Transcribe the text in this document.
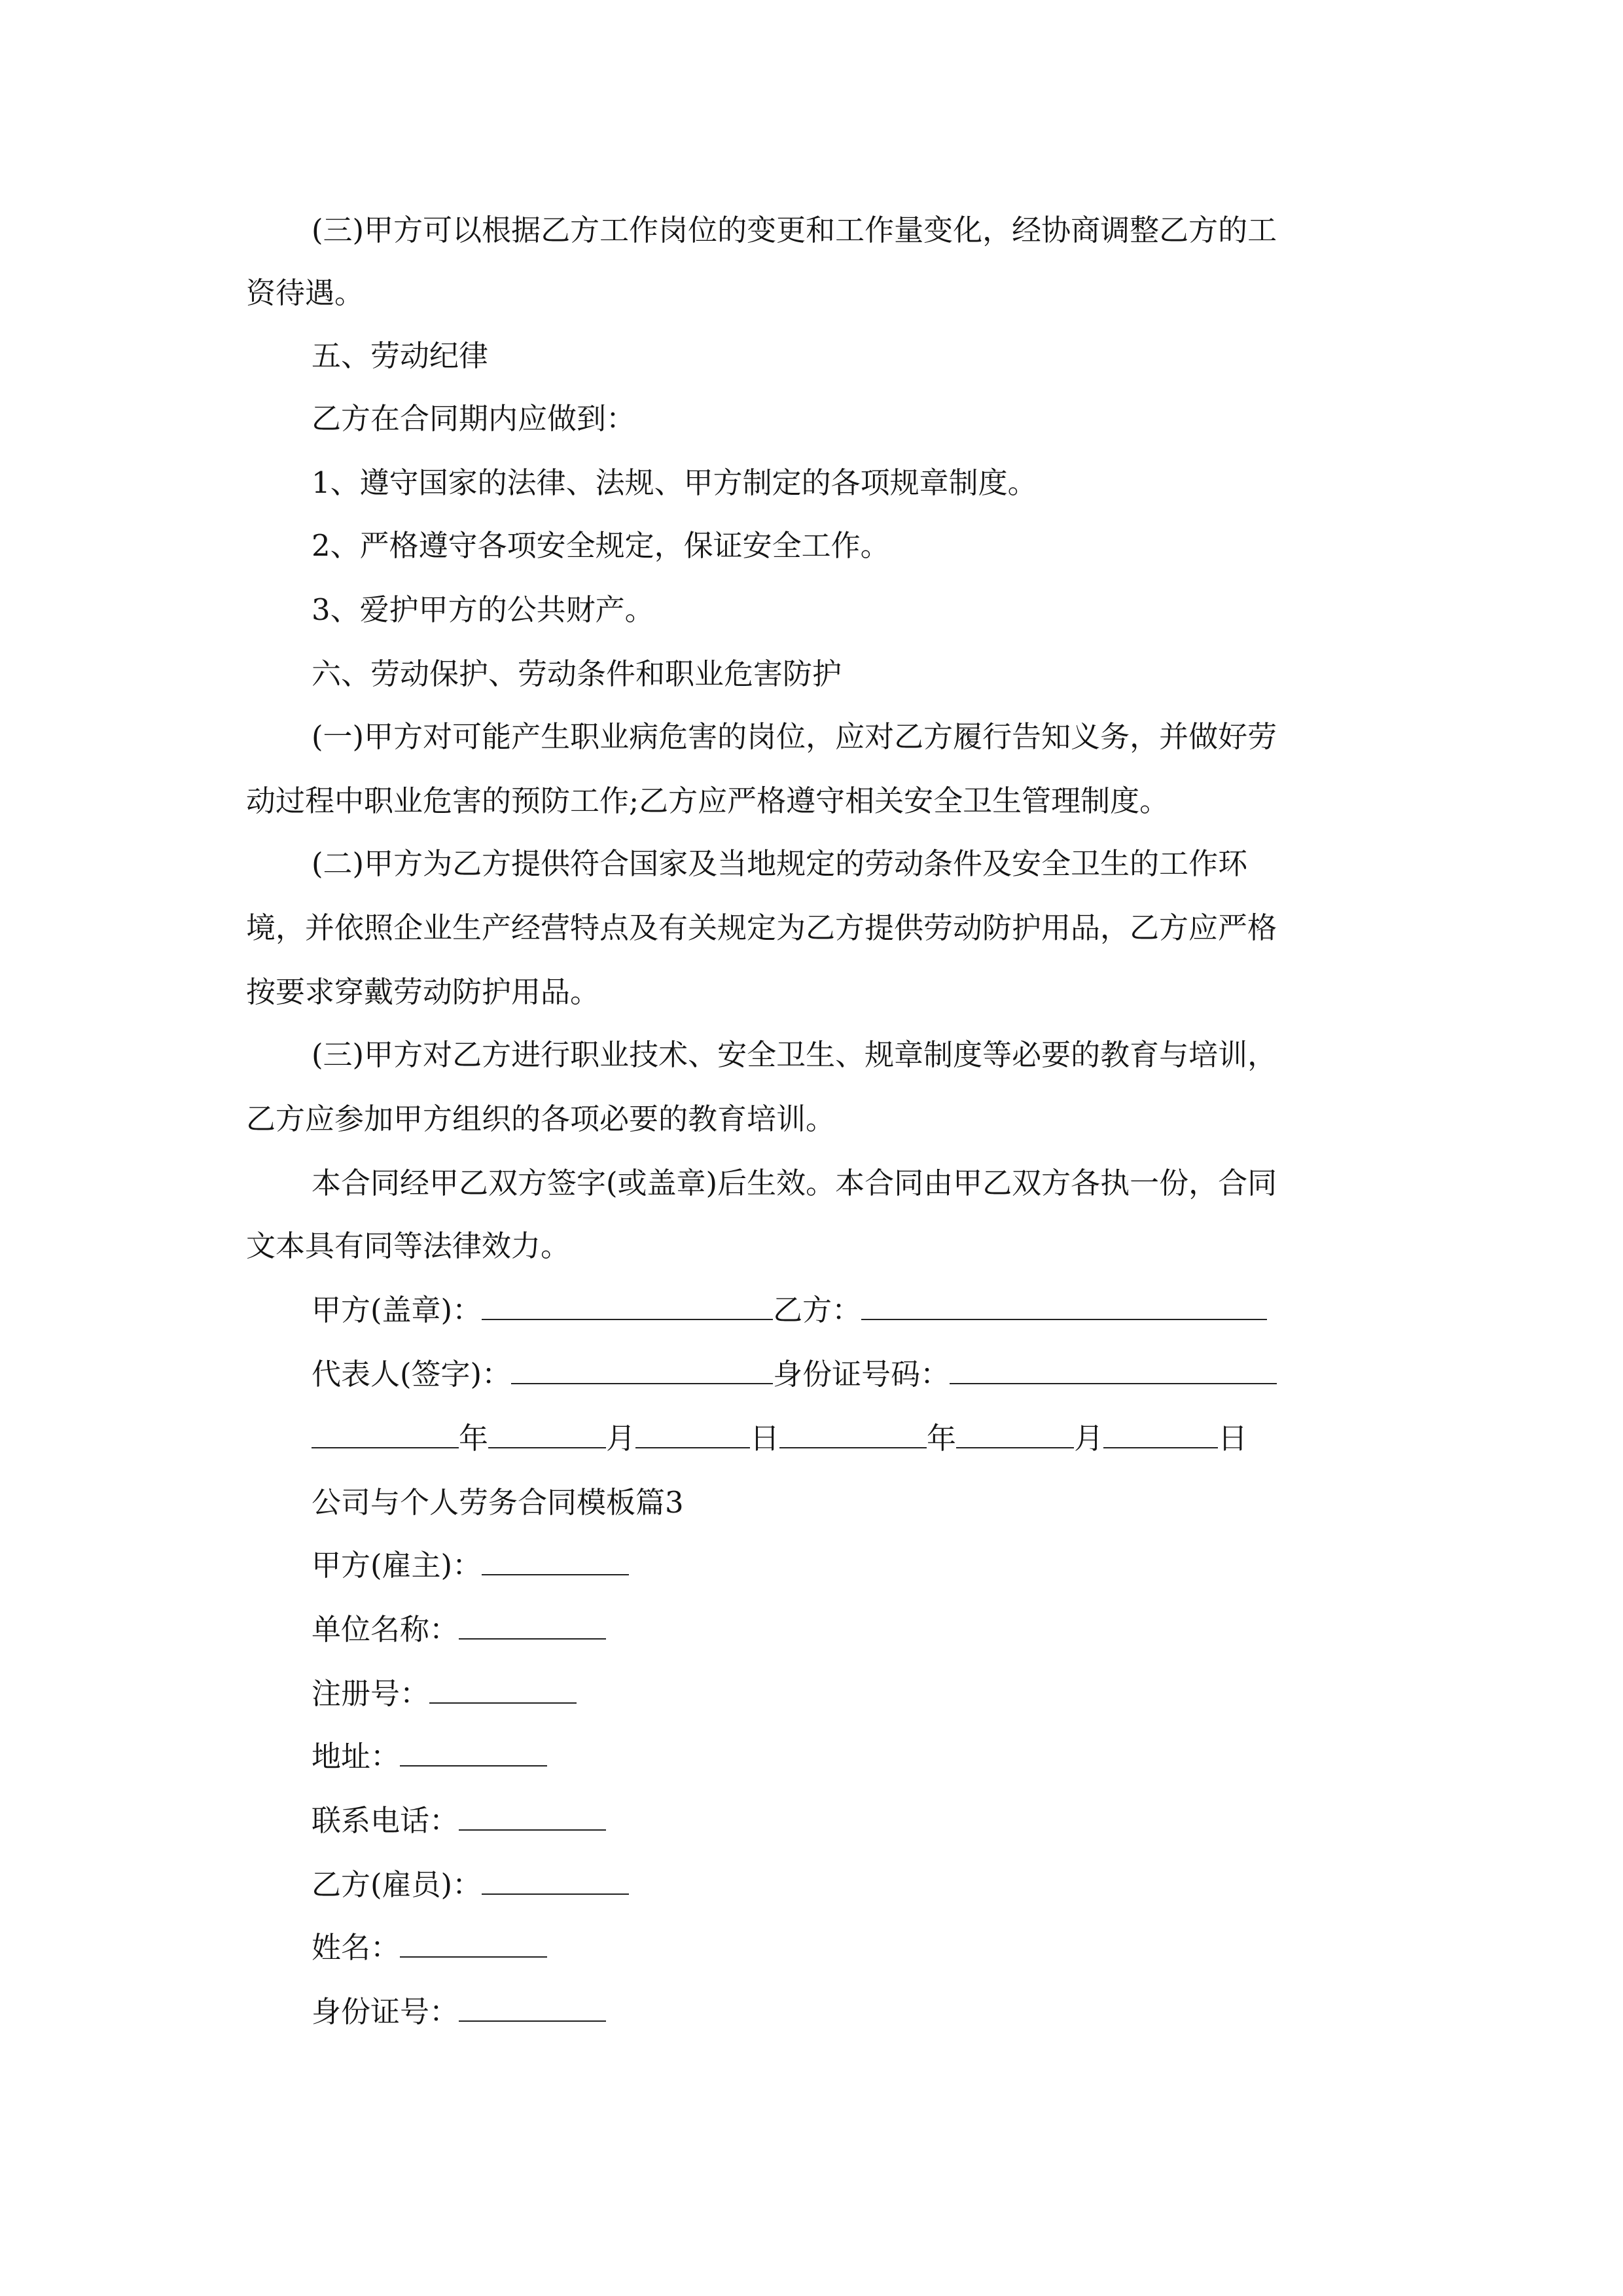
(三)甲方可以根据乙方工作岗位的变更和工作量变化，经协商调整乙方的工
资待遇。
五、劳动纪律
乙方在合同期内应做到：
1、遵守国家的法律、法规、甲方制定的各项规章制度。
2、严格遵守各项安全规定，保证安全工作。
3、爱护甲方的公共财产。
六、劳动保护、劳动条件和职业危害防护
(一)甲方对可能产生职业病危害的岗位，应对乙方履行告知义务，并做好劳
动过程中职业危害的预防工作;乙方应严格遵守相关安全卫生管理制度。
(二)甲方为乙方提供符合国家及当地规定的劳动条件及安全卫生的工作环
境，并依照企业生产经营特点及有关规定为乙方提供劳动防护用品，乙方应严格
按要求穿戴劳动防护用品。
(三)甲方对乙方进行职业技术、安全卫生、规章制度等必要的教育与培训，
乙方应参加甲方组织的各项必要的教育培训。
本合同经甲乙双方签字(或盖章)后生效。本合同由甲乙双方各执一份，合同
文本具有同等法律效力。
甲方(盖章)：	乙方：
代表人(签字)：	身份证号码：
年	月	日	年	月	日
公司与个人劳务合同模板篇3
甲方(雇主)：
单位名称：
注册号：
地址：
联系电话：
乙方(雇员)：
姓名：
身份证号：
